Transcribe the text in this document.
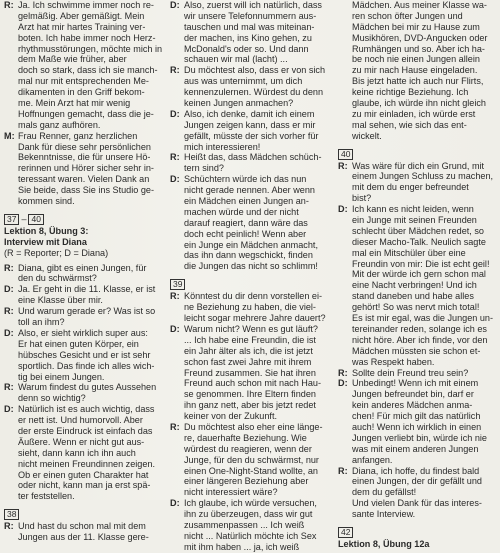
R: Ja. Ich schwimme immer noch re-
gelmäßig. Aber gemäßigt. Mein
Arzt hat mir hartes Training ver-
boten. Ich habe immer noch Herz-
rhythmusstörungen, möchte mich in
dem Maße wie früher, aber
doch so stark, dass ich sie manch-
mal nur mit entsprechenden Me-
dikamenten in den Griff bekom-
me. Mein Arzt hat mir wenig
Hoffnungen gemacht, dass die je-
mals ganz aufhören.
M: Frau Renner, ganz herzlichen
Dank für diese sehr persönlichen
Bekenntnisse, die für unsere Hö-
rerinnen und Hörer sicher sehr in-
teressant waren. Vielen Dank an
Sie beide, dass Sie ins Studio ge-
kommen sind.
37 – 40
Lektion 8, Übung 3:
Interview mit Diana
(R = Reporter; D = Diana)
R: Diana, gibt es einen Jungen, für
den du schwärmst?
D: Ja. Er geht in die 11. Klasse, er ist
eine Klasse über mir.
R: Und warum gerade er? Was ist so
toll an ihm?
D: Also, er sieht wirklich super aus:
Er hat einen guten Körper, ein
hübsches Gesicht und er ist sehr
sportlich. Das finde ich alles wich-
tig bei einem Jungen.
R: Warum findest du gutes Aussehen
denn so wichtig?
D: Natürlich ist es auch wichtig, dass
er nett ist. Und humorvoll. Aber
der erste Eindruck ist einfach das
Äußere. Wenn er nicht gut aus-
sieht, dann kann ich ihn auch
nicht meinen Freundinnen zeigen.
Ob er einen guten Charakter hat
oder nicht, kann man ja erst spä-
ter feststellen.
38
R: Und hast du schon mal mit dem
Jungen aus der 11. Klasse gere-
D: Also, zuerst will ich natürlich, dass
wir unsere Telefonnummern aus-
tauschen und mal was miteinan-
der machen, ins Kino gehen, zu
McDonald's oder so. Und dann
schauen wir mal (lacht) ...
R: Du möchtest also, dass er von sich
aus was unternimmt, um dich
kennenzulernen. Würdest du denn
keinen Jungen anmachen?
D: Also, ich denke, damit ich einem
Jungen zeigen kann, dass er mir
gefällt, müsste der sich vorher für
mich interessieren!
R: Heißt das, dass Mädchen schüch-
tern sind?
D: Schüchtern würde ich das nun
nicht gerade nennen. Aber wenn
ein Mädchen einen Jungen an-
machen würde und der nicht
darauf reagiert, dann wäre das
doch echt peinlich! Wenn aber
ein Junge ein Mädchen anmacht,
das ihn dann wegschickt, finden
die Jungen das nicht so schlimm!
39
R: Könntest du dir denn vorstellen ei-
ne Beziehung zu haben, die viel-
leicht sogar mehrere Jahre dauert?
D: Warum nicht? Wenn es gut läuft?
... Ich habe eine Freundin, die ist
ein Jahr älter als ich, die ist jetzt
schon fast zwei Jahre mit ihrem
Freund zusammen. Sie hat ihren
Freund auch schon mit nach Hau-
se genommen. Ihre Eltern finden
ihn ganz nett, aber bis jetzt redet
keiner von der Zukunft.
R: Du möchtest also eher eine länge-
re, dauerhafte Beziehung. Wie
würdest du reagieren, wenn der
Junge, für den du schwärmst, nur
einen One-Night-Stand wollte, an
einer längeren Beziehung aber
nicht interessiert wäre?
D: Ich glaube, ich würde versuchen,
ihn zu überzeugen, dass wir gut
zusammenpassen ... Ich weiß
nicht ... Natürlich möchte ich Sex
mit ihm haben ... ja, ich weiß
Mädchen. Aus meiner Klasse wa-
ren schon öfter Jungen und
Mädchen bei mir zu Hause zum
Musikhören, DVD-Angucken oder
Rumhängen und so. Aber ich ha-
be noch nie einen Jungen allein
zu mir nach Hause eingeladen.
Bis jetzt hatte ich auch nur Flirts,
keine richtige Beziehung. Ich
glaube, ich würde ihn nicht gleich
zu mir einladen, ich würde erst
mal sehen, wie sich das ent-
wickelt.
40
R: Was wäre für dich ein Grund, mit
einem Jungen Schluss zu machen,
mit dem du enger befreundet
bist?
D: Ich kann es nicht leiden, wenn
ein Junge mit seinen Freunden
schlecht über Mädchen redet, so
dieser Macho-Talk. Neulich sagte
mal ein Mitschüler über eine
Freundin von mir: Die ist echt geil!
Mit der würde ich gern schon mal
eine Nacht verbringen! Und ich
stand daneben und habe alles
gehört! So was nervt mich total!
Es ist mir egal, was die Jungen un-
tereinander reden, solange ich es
nicht höre. Aber ich finde, vor den
Mädchen müssten sie schon et-
was Respekt haben.
R: Sollte dein Freund treu sein?
D: Unbedingt! Wenn ich mit einem
Jungen befreundet bin, darf er
kein anderes Mädchen anma-
chen! Für mich gilt das natürlich
auch! Wenn ich wirklich in einen
Jungen verliebt bin, würde ich nie
was mit einem anderen Jungen
anfangen.
R: Diana, ich hoffe, du findest bald
einen Jungen, der dir gefällt und
dem du gefällst!
Und vielen Dank für das interes-
sante Interview.
42
Lektion 8, Übung 12a
